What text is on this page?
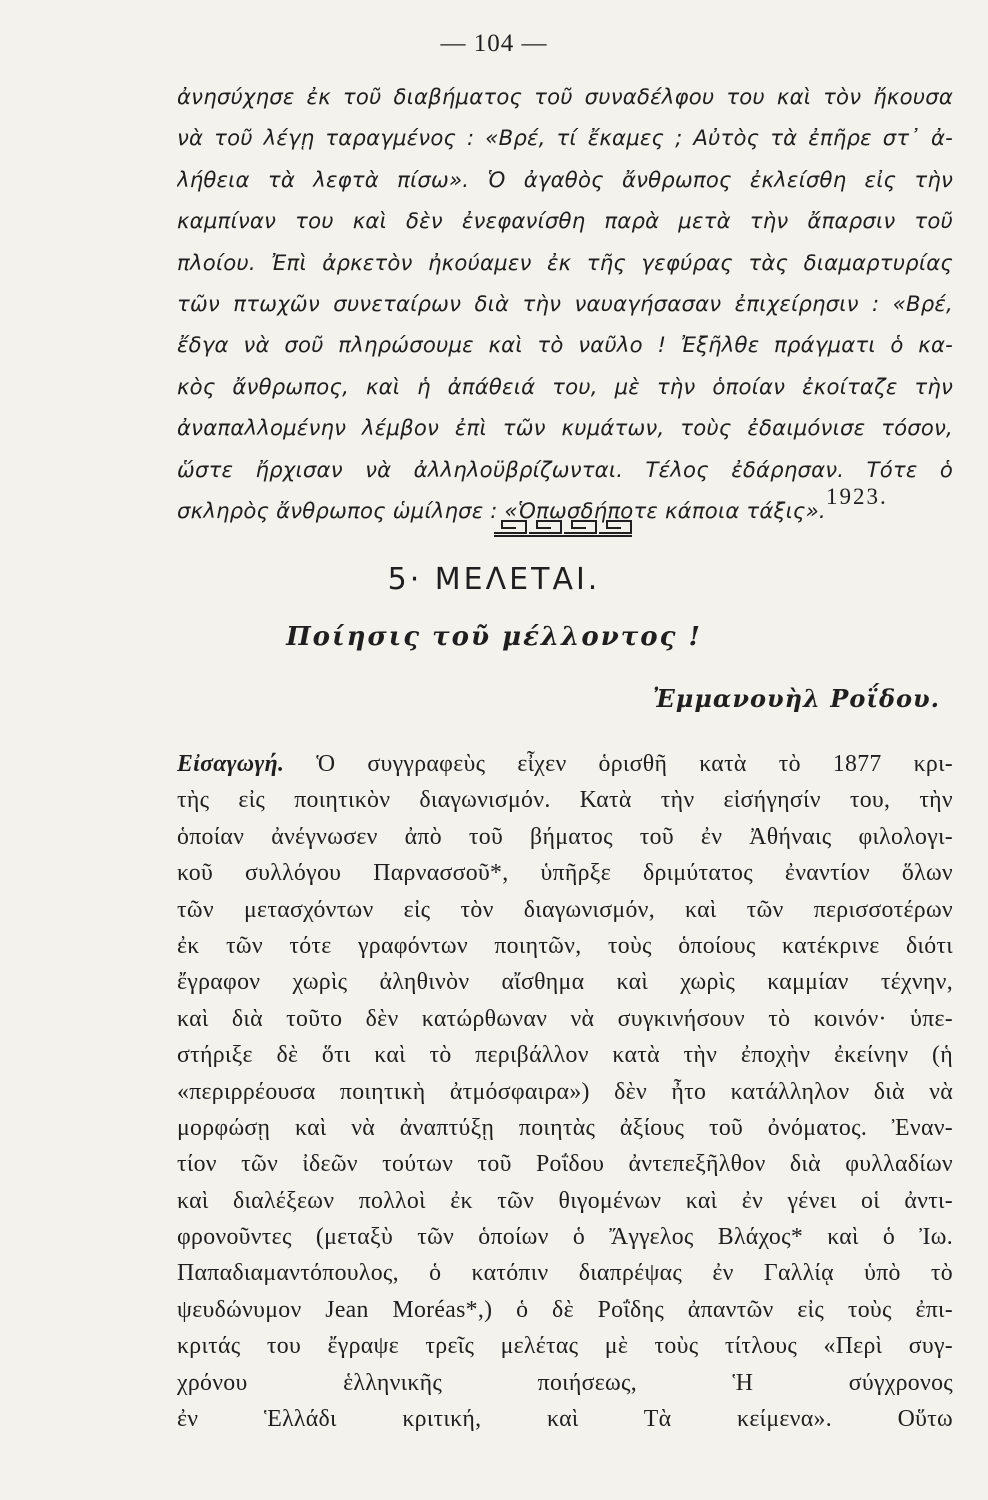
— 104 —
ἀνησύχησε ἐκ τοῦ διαβήματος τοῦ συναδέλφου του καὶ τὸν ἤκουσα
νὰ τοῦ λέγῃ ταραγμένος : «Βρέ, τί ἔκαμες ; Αὐτὸς τὰ ἐπῆρε στ᾽ ἀ-
λήθεια τὰ λεφτὰ πίσω». Ὁ ἀγαθὸς ἄνθρωπος ἐκλείσθη εἰς τὴν
καμπίναν του καὶ δὲν ἐνεφανίσθη παρὰ μετὰ τὴν ἄπαρσιν τοῦ
πλοίου. Ἐπὶ ἀρκετὸν ἠκούαμεν ἐκ τῆς γεφύρας τὰς διαμαρτυρίας
τῶν πτωχῶν συνεταίρων διὰ τὴν ναυαγήσασαν ἐπιχείρησιν : «Βρέ,
ἔδγα νὰ σοῦ πληρώσουμε καὶ τὸ ναῦλο ! Ἐξῆλθε πράγματι ὁ κα-
κὸς ἄνθρωπος, καὶ ἡ ἀπάθειά του, μὲ τὴν ὁποίαν ἐκοίταζε τὴν
ἀναπαλλομένην λέμβον ἐπὶ τῶν κυμάτων, τοὺς ἐδαιμόνισε τόσον,
ὥστε ἤρχισαν νὰ ἀλληλοϋβρίζωνται. Τέλος ἐδάρησαν. Τότε ὁ
σκληρὸς ἄνθρωπος ὡμίλησε : «Ὁπωσδήποτε κάποια τάξις».
1923.
5· ΜΕΛΕΤΑΙ.
Ποίησις τοῦ μέλλοντος !
Ἐμμανουὴλ Ροΐδου.
Εἰσαγωγή. Ὁ συγγραφεὺς εἶχεν ὁρισθῆ κατὰ τὸ 1877 κρι-
τὴς εἰς ποιητικὸν διαγωνισμόν. Κατὰ τὴν εἰσήγησίν του, τὴν
ὁποίαν ἀνέγνωσεν ἀπὸ τοῦ βήματος τοῦ ἐν Ἀθήναις φιλολογι-
κοῦ συλλόγου Παρνασσοῦ*, ὑπῆρξε δριμύτατος ἐναντίον ὅλων
τῶν μετασχόντων εἰς τὸν διαγωνισμόν, καὶ τῶν περισσοτέρων
ἐκ τῶν τότε γραφόντων ποιητῶν, τοὺς ὁποίους κατέκρινε διότι
ἔγραφον χωρὶς ἀληθινὸν αἴσθημα καὶ χωρὶς καμμίαν τέχνην,
καὶ διὰ τοῦτο δὲν κατώρθωναν νὰ συγκινήσουν τὸ κοινόν· ὑπε-
στήριξε δὲ ὅτι καὶ τὸ περιβάλλον κατὰ τὴν ἐποχὴν ἐκείνην (ἡ
«περιρρέουσα ποιητικὴ ἀτμόσφαιρα») δὲν ἦτο κατάλληλον διὰ νὰ
μορφώσῃ καὶ νὰ ἀναπτύξῃ ποιητὰς ἀξίους τοῦ ὀνόματος. Ἐναν-
τίον τῶν ἰδεῶν τούτων τοῦ Ροΐδου ἀντεπεξῆλθον διὰ φυλλαδίων
καὶ διαλέξεων πολλοὶ ἐκ τῶν θιγομένων καὶ ἐν γένει οἱ ἀντι-
φρονοῦντες (μεταξὺ τῶν ὁποίων ὁ Ἄγγελος Βλάχος* καὶ ὁ Ἰω.
Παπαδιαμαντόπουλος, ὁ κατόπιν διαπρέψας ἐν Γαλλίᾳ ὑπὸ τὸ
ψευδώνυμον Jean Moréas*,) ὁ δὲ Ροΐδης ἀπαντῶν εἰς τοὺς ἐπι-
κριτάς του ἔγραψε τρεῖς μελέτας μὲ τοὺς τίτλους «Περὶ συγ-
χρόνου ἑλληνικῆς ποιήσεως, Ἡ σύγχρονος
ἐν Ἑλλάδι κριτική, καὶ Τὰ κείμενα». Οὕτω
